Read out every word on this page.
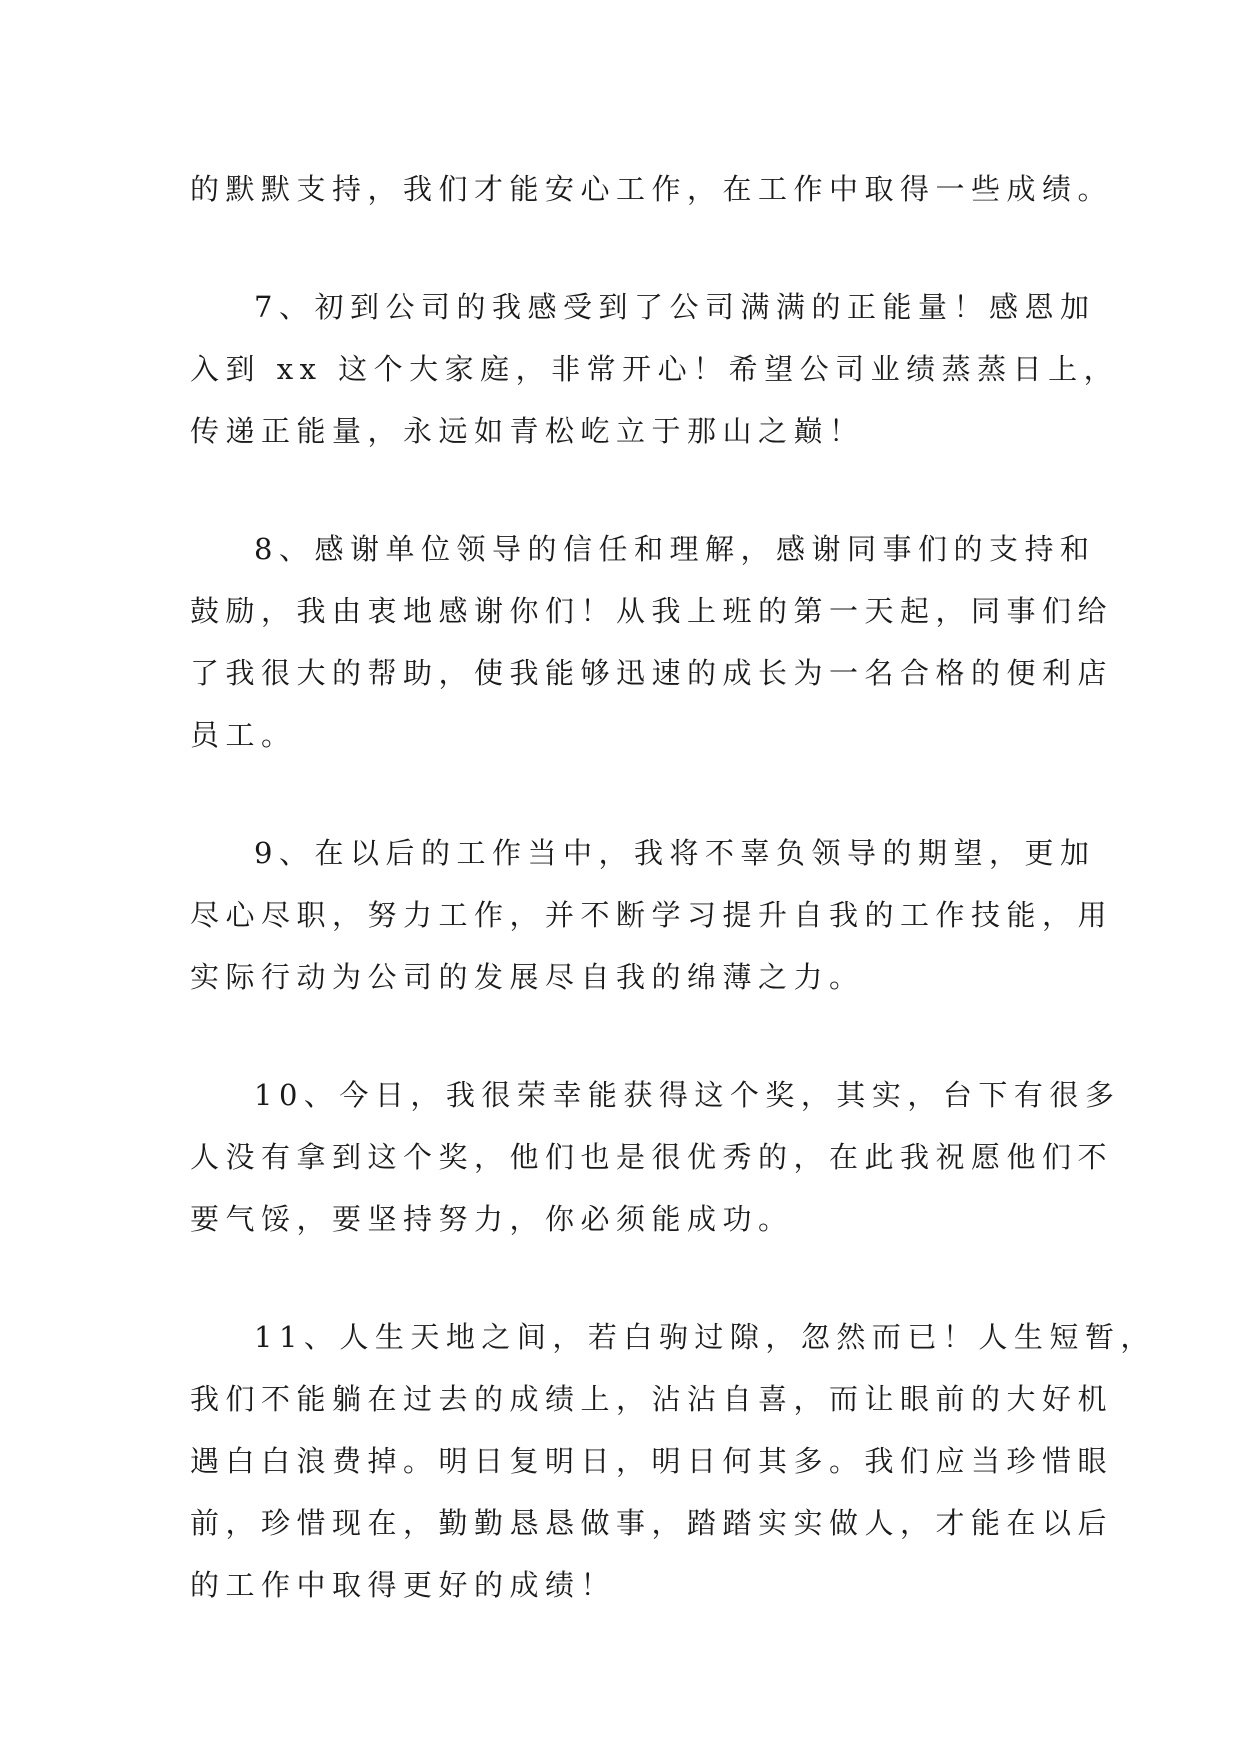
的默默支持，我们才能安心工作，在工作中取得一些成绩。
7、初到公司的我感受到了公司满满的正能量！感恩加
入到 xx 这个大家庭，非常开心！希望公司业绩蒸蒸日上，
传递正能量，永远如青松屹立于那山之巅！
8、感谢单位领导的信任和理解，感谢同事们的支持和
鼓励，我由衷地感谢你们！从我上班的第一天起，同事们给
了我很大的帮助，使我能够迅速的成长为一名合格的便利店
员工。
9、在以后的工作当中，我将不辜负领导的期望，更加
尽心尽职，努力工作，并不断学习提升自我的工作技能，用
实际行动为公司的发展尽自我的绵薄之力。
10、今日，我很荣幸能获得这个奖，其实，台下有很多
人没有拿到这个奖，他们也是很优秀的，在此我祝愿他们不
要气馁，要坚持努力，你必须能成功。
11、人生天地之间，若白驹过隙，忽然而已！人生短暂，
我们不能躺在过去的成绩上，沾沾自喜，而让眼前的大好机
遇白白浪费掉。明日复明日，明日何其多。我们应当珍惜眼
前，珍惜现在，勤勤恳恳做事，踏踏实实做人，才能在以后
的工作中取得更好的成绩！
